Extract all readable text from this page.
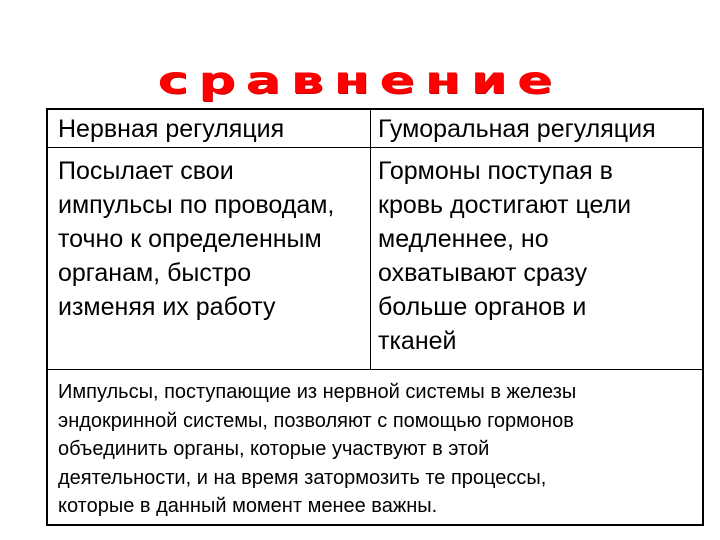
сравнение
Нервная регуляция	Гуморальная регуляция
Посылает свои
импульсы по проводам,
точно к определенным
органам, быстро
изменяя их работу
Гормоны поступая в
кровь достигают цели
медленнее, но
охватывают сразу
больше органов и
тканей
Импульсы, поступающие из нервной системы в железы
эндокринной системы, позволяют с помощью гормонов
объединить органы, которые участвуют в этой
деятельности, и на время затормозить те процессы,
которые в данный момент менее важны.
